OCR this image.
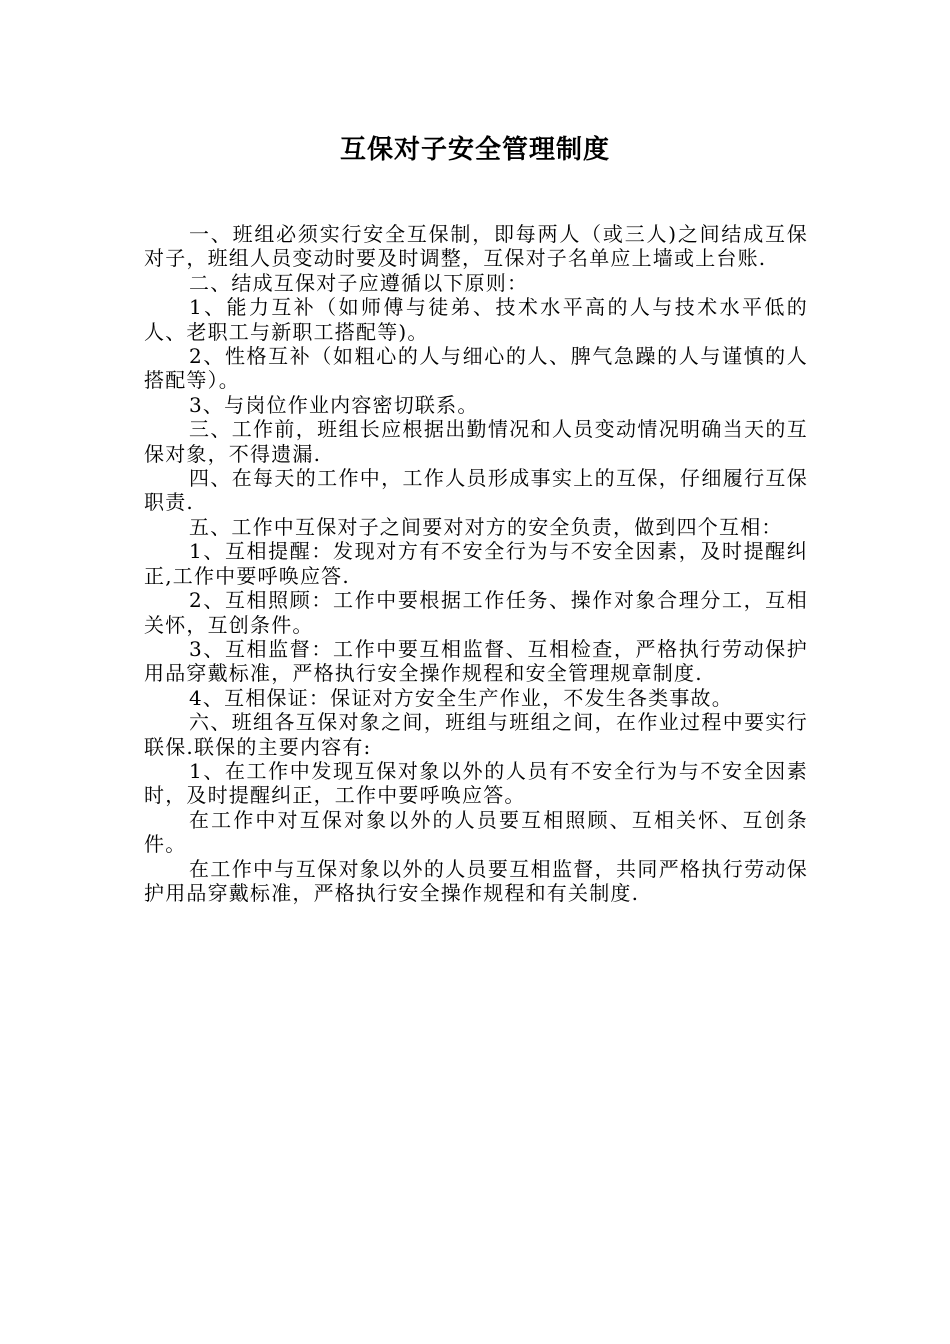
互保对子安全管理制度

一、班组必须实行安全互保制，即每两人（或三人)之间结成互保对子，班组人员变动时要及时调整，互保对子名单应上墙或上台账.

二、结成互保对子应遵循以下原则：

1、能力互补（如师傅与徒弟、技术水平高的人与技术水平低的人、老职工与新职工搭配等)。

2、性格互补（如粗心的人与细心的人、脾气急躁的人与谨慎的人搭配等）。

3、与岗位作业内容密切联系。

三、工作前，班组长应根据出勤情况和人员变动情况明确当天的互保对象，不得遗漏.

四、在每天的工作中，工作人员形成事实上的互保，仔细履行互保职责.

五、工作中互保对子之间要对对方的安全负责，做到四个互相：

1、互相提醒：发现对方有不安全行为与不安全因素，及时提醒纠正,工作中要呼唤应答.

2、互相照顾：工作中要根据工作任务、操作对象合理分工，互相关怀，互创条件。

3、互相监督：工作中要互相监督、互相检查，严格执行劳动保护用品穿戴标准，严格执行安全操作规程和安全管理规章制度.

4、互相保证：保证对方安全生产作业，不发生各类事故。

六、班组各互保对象之间，班组与班组之间，在作业过程中要实行联保.联保的主要内容有:

1、在工作中发现互保对象以外的人员有不安全行为与不安全因素时，及时提醒纠正，工作中要呼唤应答。

在工作中对互保对象以外的人员要互相照顾、互相关怀、互创条件。

在工作中与互保对象以外的人员要互相监督，共同严格执行劳动保护用品穿戴标准，严格执行安全操作规程和有关制度.
